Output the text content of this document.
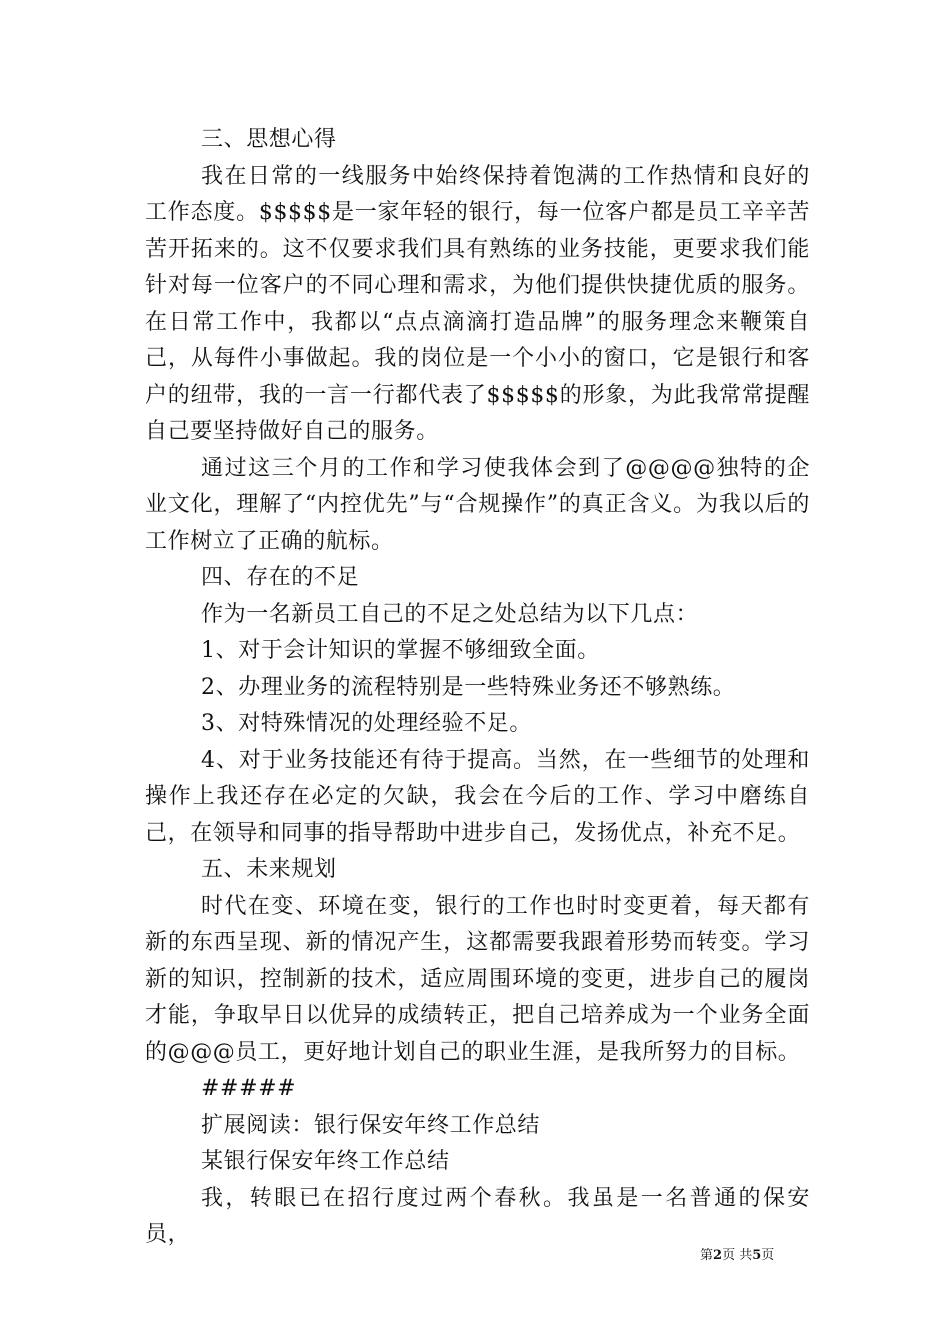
三、思想心得

我在日常的一线服务中始终保持着饱满的工作热情和良好的工作态度。$$$$$是一家年轻的银行，每一位客户都是员工辛辛苦苦开拓来的。这不仅要求我们具有熟练的业务技能，更要求我们能针对每一位客户的不同心理和需求，为他们提供快捷优质的服务。在日常工作中，我都以“点点滴滴打造品牌”的服务理念来鞭策自己，从每件小事做起。我的岗位是一个小小的窗口，它是银行和客户的纽带，我的一言一行都代表了$$$$$的形象，为此我常常提醒自己要坚持做好自己的服务。

通过这三个月的工作和学习使我体会到了@@@@独特的企业文化，理解了“内控优先”与“合规操作”的真正含义。为我以后的工作树立了正确的航标。

四、存在的不足

作为一名新员工自己的不足之处总结为以下几点：

1、对于会计知识的掌握不够细致全面。

2、办理业务的流程特别是一些特殊业务还不够熟练。

3、对特殊情况的处理经验不足。

4、对于业务技能还有待于提高。当然，在一些细节的处理和操作上我还存在必定的欠缺，我会在今后的工作、学习中磨练自己，在领导和同事的指导帮助中进步自己，发扬优点，补充不足。

五、未来规划

时代在变、环境在变，银行的工作也时时变更着，每天都有新的东西呈现、新的情况产生，这都需要我跟着形势而转变。学习新的知识，控制新的技术，适应周围环境的变更，进步自己的履岗才能，争取早日以优异的成绩转正，把自己培养成为一个业务全面的@@@员工，更好地计划自己的职业生涯，是我所努力的目标。

#####

扩展阅读：银行保安年终工作总结

某银行保安年终工作总结

我，转眼已在招行度过两个春秋。我虽是一名普通的保安员，

第2页 共5页
